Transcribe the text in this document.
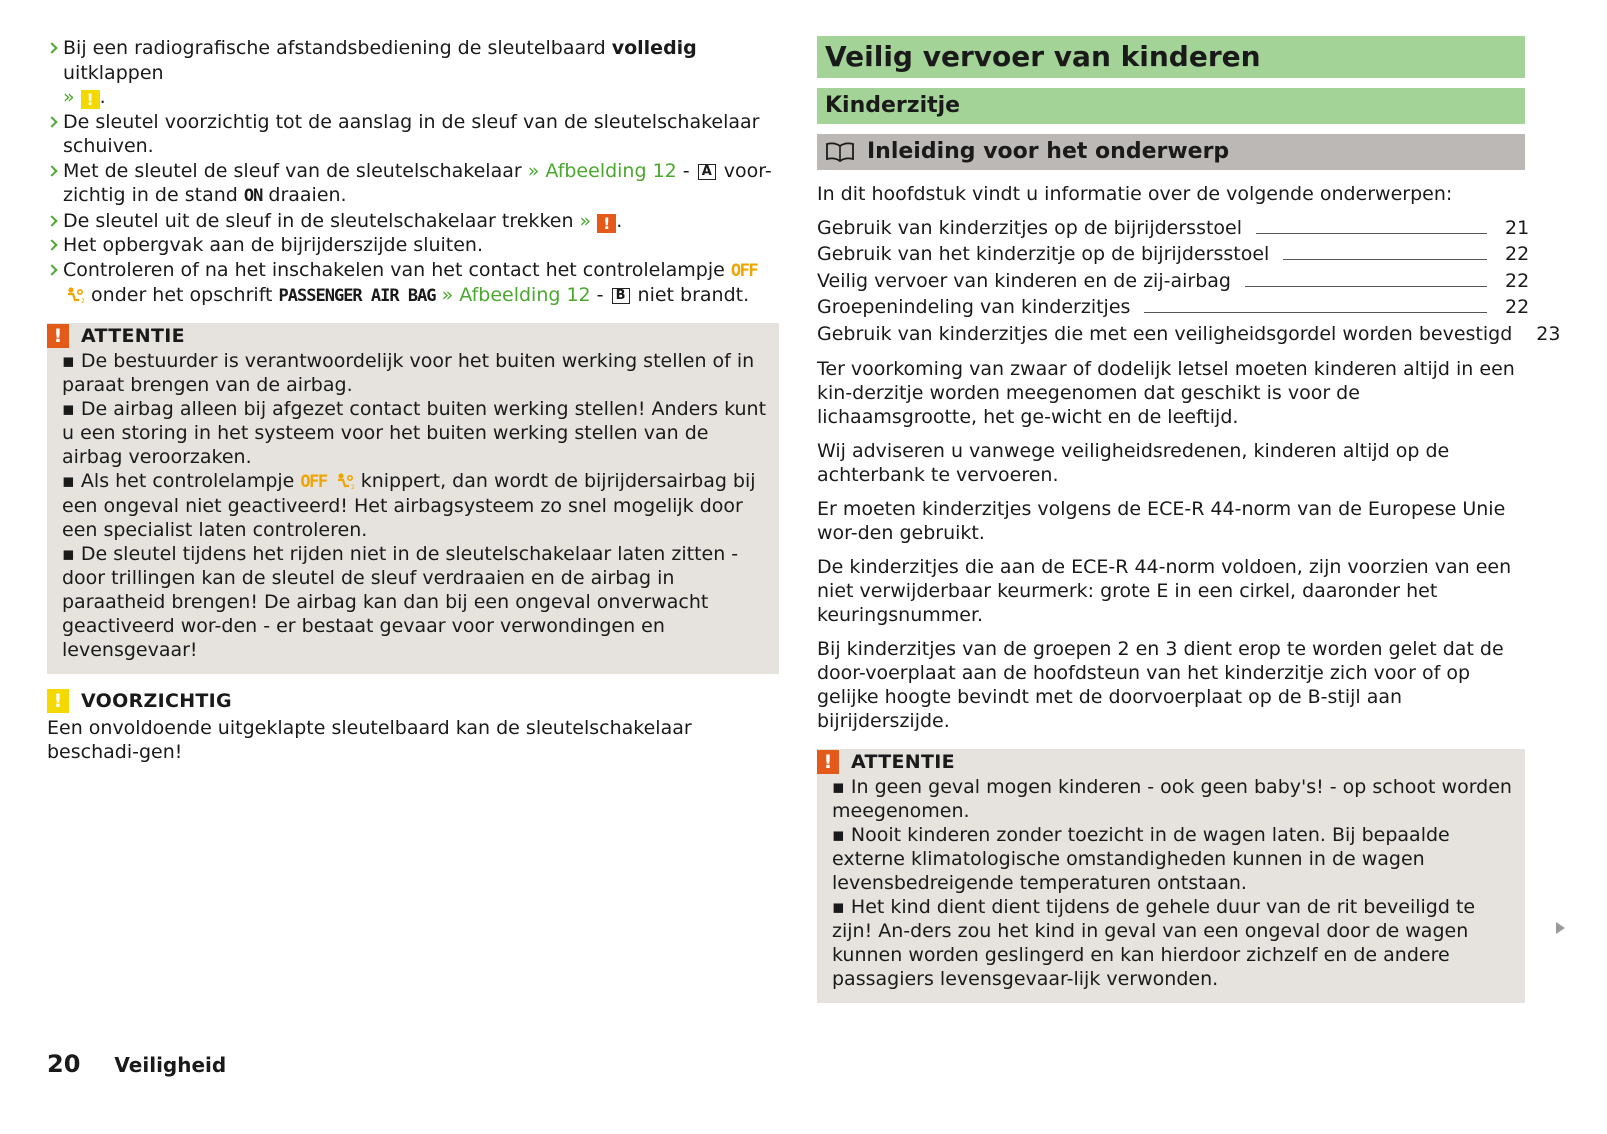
Bij een radiografische afstandsbediening de sleutelbaard volledig uitklappen
» ! .

De sleutel voorzichtig tot de aanslag in de sleuf van de sleutelschakelaar schuiven.

Met de sleutel de sleuf van de sleutelschakelaar » Afbeelding 12 - A voor-zichtig in de stand ON draaien.

De sleutel uit de sleuf in de sleutelschakelaar trekken » ! .

Het opbergvak aan de bijrijderszijde sluiten.

Controleren of na het inschakelen van het contact het controlelampje OFF
2 onder het opschrift PASSENGER AIR BAG » Afbeelding 12 - B niet brandt.

! ATTENTIE

▪ De bestuurder is verantwoordelijk voor het buiten werking stellen of in paraat brengen van de airbag.

▪ De airbag alleen bij afgezet contact buiten werking stellen! Anders kunt u een storing in het systeem voor het buiten werking stellen van de airbag veroorzaken.

▪ Als het controlelampje OFF	2 knippert, dan wordt de bijrijdersairbag bij een ongeval niet geactiveerd! Het airbagsysteem zo snel mogelijk door een specialist laten controleren.

▪ De sleutel tijdens het rijden niet in de sleutelschakelaar laten zitten - door trillingen kan de sleutel de sleuf verdraaien en de airbag in paraatheid brengen! De airbag kan dan bij een ongeval onverwacht geactiveerd wor-den - er bestaat gevaar voor verwondingen en levensgevaar!

! VOORZICHTIG

Een onvoldoende uitgeklapte sleutelbaard kan de sleutelschakelaar beschadi-gen!

Veilig vervoer van kinderen
Kinderzitje
Inleiding voor het onderwerp

In dit hoofdstuk vindt u informatie over de volgende onderwerpen:

Gebruik van kinderzitjes op de bijrijdersstoel	21
Gebruik van het kinderzitje op de bijrijdersstoel	22
Veilig vervoer van kinderen en de zij-airbag	22
Groepenindeling van kinderzitjes	22
Gebruik van kinderzitjes die met een veiligheidsgordel worden bevestigd 23

Ter voorkoming van zwaar of dodelijk letsel moeten kinderen altijd in een kin-derzitje worden meegenomen dat geschikt is voor de lichaamsgrootte, het ge-wicht en de leeftijd.

Wij adviseren u vanwege veiligheidsredenen, kinderen altijd op de achterbank te vervoeren.

Er moeten kinderzitjes volgens de ECE-R 44-norm van de Europese Unie wor-den gebruikt.

De kinderzitjes die aan de ECE-R 44-norm voldoen, zijn voorzien van een niet verwijderbaar keurmerk: grote E in een cirkel, daaronder het keuringsnummer.

Bij kinderzitjes van de groepen 2 en 3 dient erop te worden gelet dat de door-voerplaat aan de hoofdsteun van het kinderzitje zich voor of op gelijke hoogte bevindt met de doorvoerplaat op de B-stijl aan bijrijderszijde.

! ATTENTIE

▪ In geen geval mogen kinderen - ook geen baby's! - op schoot worden meegenomen.

▪ Nooit kinderen zonder toezicht in de wagen laten. Bij bepaalde externe klimatologische omstandigheden kunnen in de wagen levensbedreigende temperaturen ontstaan.

▪ Het kind dient dient tijdens de gehele duur van de rit beveiligd te zijn! An-ders zou het kind in geval van een ongeval door de wagen kunnen worden geslingerd en kan hierdoor zichzelf en de andere passagiers levensgevaar-lijk verwonden.

20 Veiligheid
